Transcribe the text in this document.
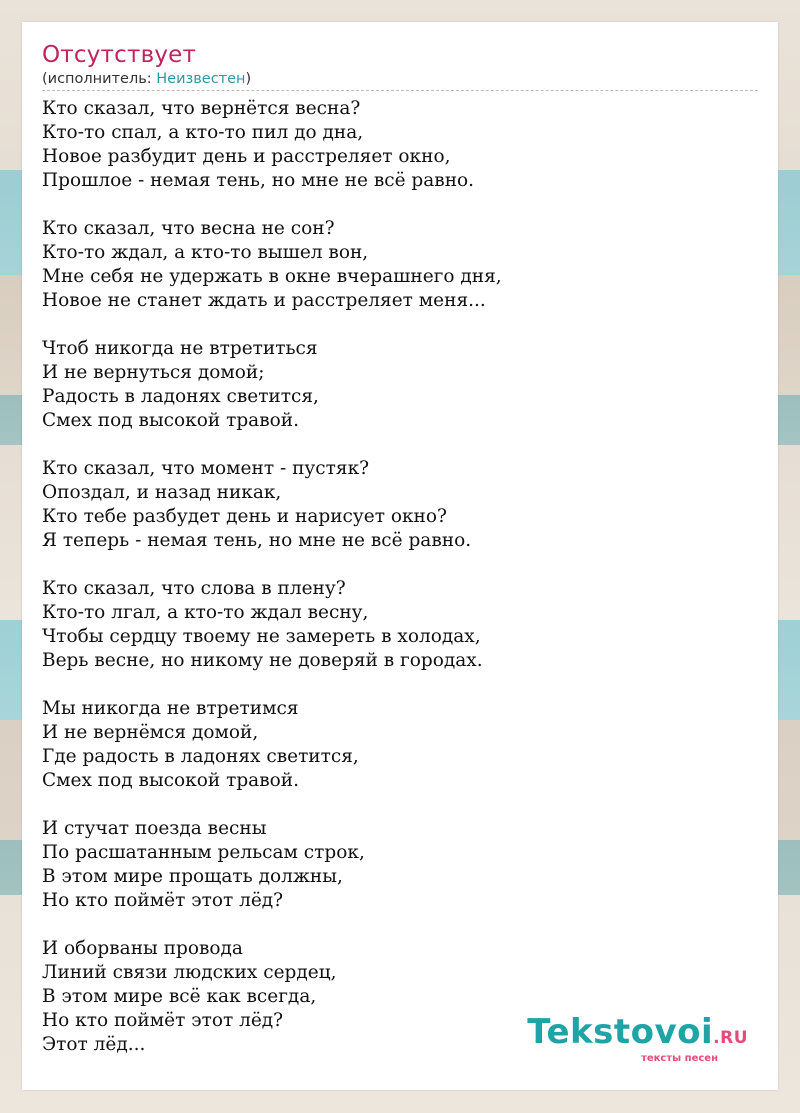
Отсутствует
(исполнитель: Неизвестен)
Кто сказал, что вернётся весна?
Кто-то спал, а кто-то пил до дна,
Новое разбудит день и расстреляет окно,
Прошлое - немая тень, но мне не всё равно.
Кто сказал, что весна не сон?
Кто-то ждал, а кто-то вышел вон,
Мне себя не удержать в окне вчерашнего дня,
Новое не станет ждать и расстреляет меня...
Чтоб никогда не втретиться
И не вернуться домой;
Радость в ладонях светится,
Смех под высокой травой.
Кто сказал, что момент - пустяк?
Опоздал, и назад никак,
Кто тебе разбудет день и нарисует окно?
Я теперь - немая тень, но мне не всё равно.
Кто сказал, что слова в плену?
Кто-то лгал, а кто-то ждал весну,
Чтобы сердцу твоему не замереть в холодах,
Верь весне, но никому не доверяй в городах.
Мы никогда не втретимся
И не вернёмся домой,
Где радость в ладонях светится,
Смех под высокой травой.
И стучат поезда весны
По расшатанным рельсам строк,
В этом мире прощать должны,
Но кто поймёт этот лёд?
И оборваны провода
Линий связи людских сердец,
В этом мире всё как всегда,
Но кто поймёт этот лёд?
Этот лёд...	Tekstovoi.RU
тексты песен
